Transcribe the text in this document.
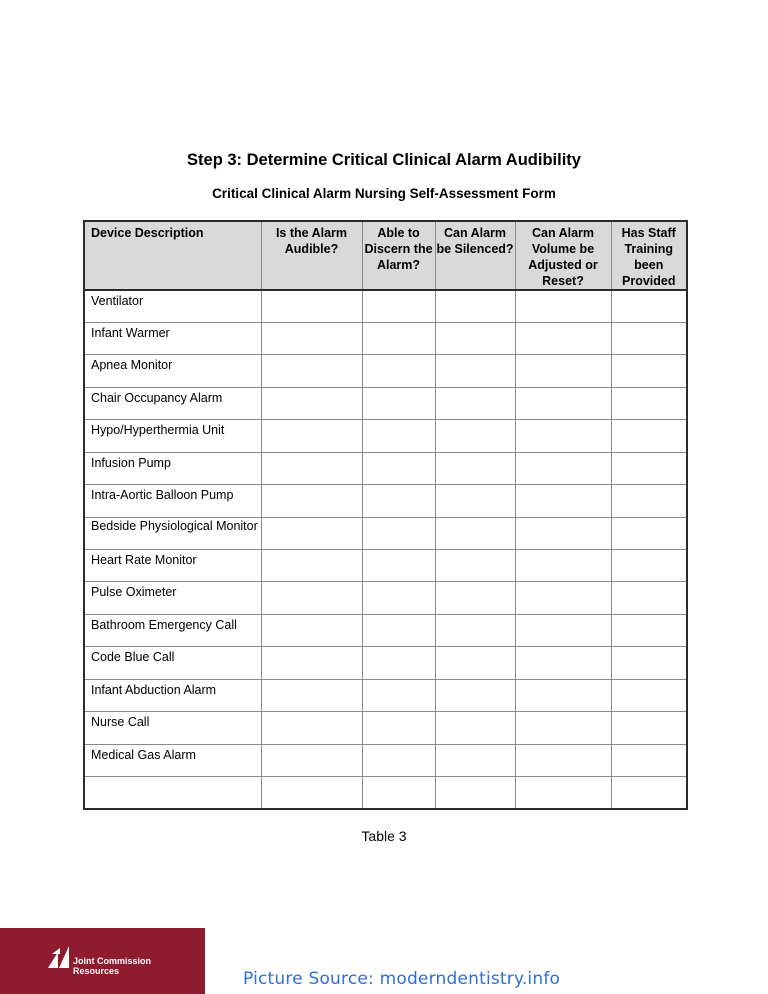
Step 3: Determine Critical Clinical Alarm Audibility
Critical Clinical Alarm Nursing Self-Assessment Form
Device Description	Is the Alarm Audible?	Able to Discern the Alarm?	Can Alarm be Silenced?	Can Alarm Volume be Adjusted or Reset?	Has Staff Training been Provided
Ventilator					
Infant Warmer					
Apnea Monitor					
Chair Occupancy Alarm					
Hypo/Hyperthermia Unit					
Infusion Pump					
Intra-Aortic Balloon Pump					
Bedside Physiological Monitor					
Heart Rate Monitor					
Pulse Oximeter					
Bathroom Emergency Call					
Code Blue Call					
Infant Abduction Alarm					
Nurse Call					
Medical Gas Alarm					

Table 3
Joint Commission
Resources	Picture Source: moderndentistry.info
